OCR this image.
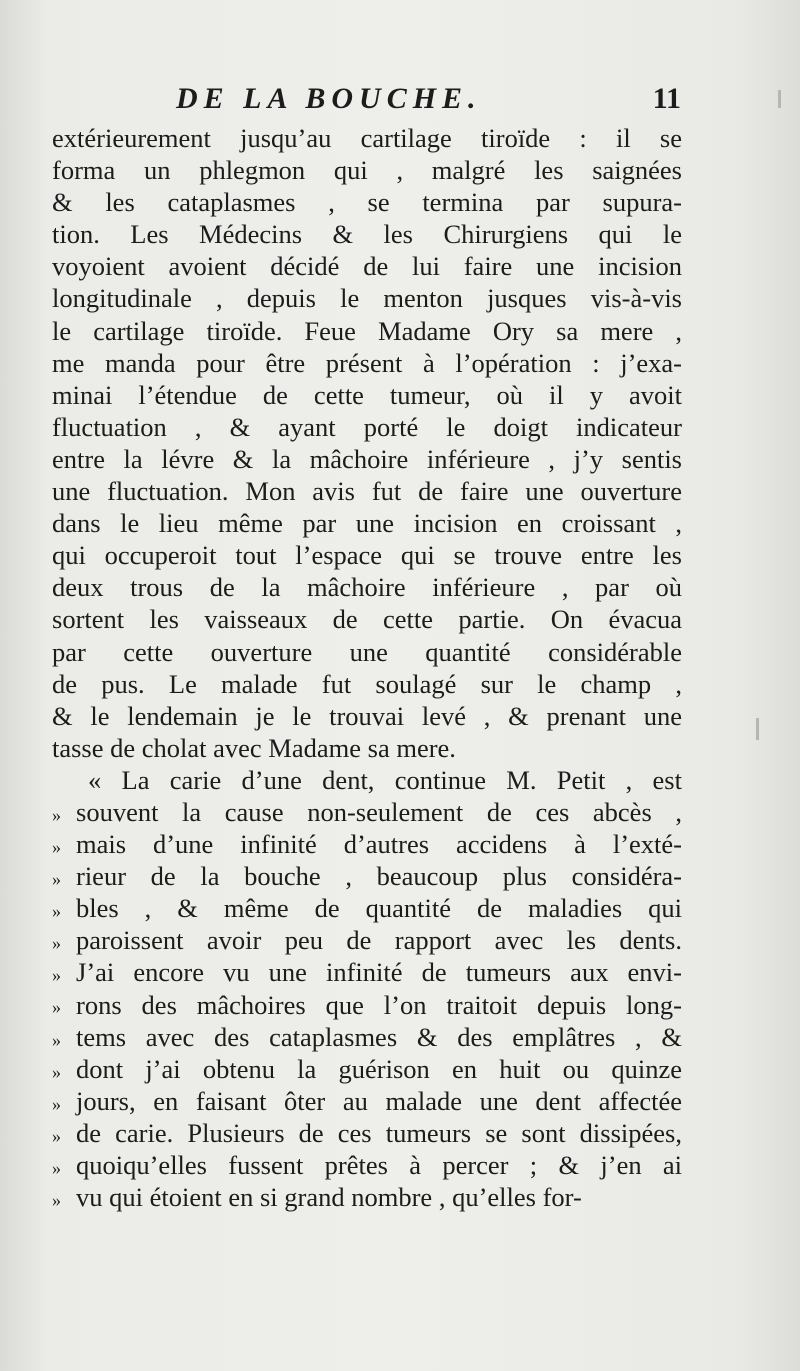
DE LA BOUCHE.	11
extérieurement jusqu’au cartilage tiroïde : il se
forma un phlegmon qui , malgré les saignées
& les cataplasmes , se termina par supura-
tion. Les Médecins & les Chirurgiens qui le
voyoient avoient décidé de lui faire une incision
longitudinale , depuis le menton jusques vis-à-vis
le cartilage tiroïde. Feue Madame Ory sa mere ,
me manda pour être présent à l’opération : j’exa-
minai l’étendue de cette tumeur, où il y avoit
fluctuation , & ayant porté le doigt indicateur
entre la lévre & la mâchoire inférieure , j’y sentis
une fluctuation. Mon avis fut de faire une ouverture
dans le lieu même par une incision en croissant ,
qui occuperoit tout l’espace qui se trouve entre les
deux trous de la mâchoire inférieure , par où
sortent les vaisseaux de cette partie. On évacua
par cette ouverture une quantité considérable
de pus. Le malade fut soulagé sur le champ ,
& le lendemain je le trouvai levé , & prenant une
tasse de cholat avec Madame sa mere.
« La carie d’une dent, continue M. Petit , est
» souvent la cause non-seulement de ces abcès ,
» mais d’une infinité d’autres accidens à l’exté-
» rieur de la bouche , beaucoup plus considéra-
» bles , & même de quantité de maladies qui
» paroissent avoir peu de rapport avec les dents.
» J’ai encore vu une infinité de tumeurs aux envi-
» rons des mâchoires que l’on traitoit depuis long-
» tems avec des cataplasmes & des emplâtres , &
» dont j’ai obtenu la guérison en huit ou quinze
» jours, en faisant ôter au malade une dent affectée
» de carie. Plusieurs de ces tumeurs se sont dissipées,
» quoiqu’elles fussent prêtes à percer ; & j’en ai
» vu qui étoient en si grand nombre , qu’elles for-
